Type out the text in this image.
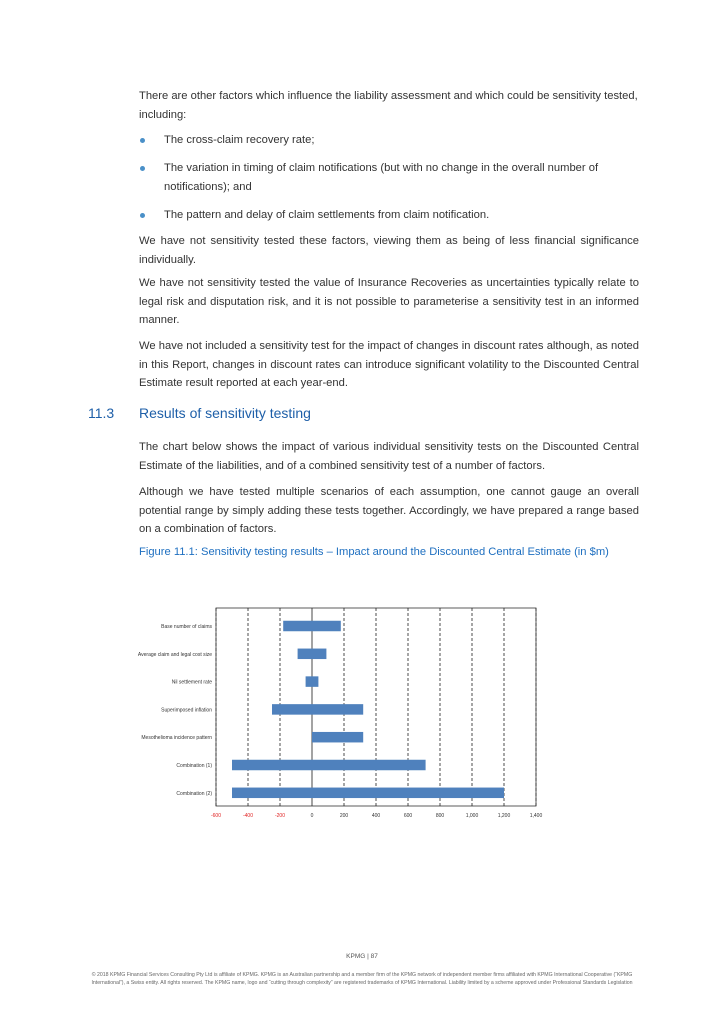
There are other factors which influence the liability assessment and which could be sensitivity tested, including:

The cross-claim recovery rate;
The variation in timing of claim notifications (but with no change in the overall number of notifications); and
The pattern and delay of claim settlements from claim notification.

We have not sensitivity tested these factors, viewing them as being of less financial significance individually.

We have not sensitivity tested the value of Insurance Recoveries as uncertainties typically relate to legal risk and disputation risk, and it is not possible to parameterise a sensitivity test in an informed manner.

We have not included a sensitivity test for the impact of changes in discount rates although, as noted in this Report, changes in discount rates can introduce significant volatility to the Discounted Central Estimate result reported at each year-end.

11.3 Results of sensitivity testing

The chart below shows the impact of various individual sensitivity tests on the Discounted Central Estimate of the liabilities, and of a combined sensitivity test of a number of factors.

Although we have tested multiple scenarios of each assumption, one cannot gauge an overall potential range by simply adding these tests together. Accordingly, we have prepared a range based on a combination of factors.

Figure 11.1: Sensitivity testing results – Impact around the Discounted Central Estimate (in $m)
Base number of claims
Average claim and legal cost size
Nil settlement rate
Superimposed inflation
Mesothelioma incidence pattern
Combination (1)
Combination (2)
-600	-400	-200	0	200	400	600	800	1,000	1,200	1,400
KPMG | 87
© 2018 KPMG Financial Services Consulting Pty Ltd is affiliate of KPMG. KPMG is an Australian partnership and a member firm of the KPMG network of independent member firms affiliated with KPMG International Cooperative (“KPMG International”), a Swiss entity. All rights reserved. The KPMG name, logo and “cutting through complexity” are registered trademarks of KPMG International. Liability limited by a scheme approved under Professional Standards Legislation
